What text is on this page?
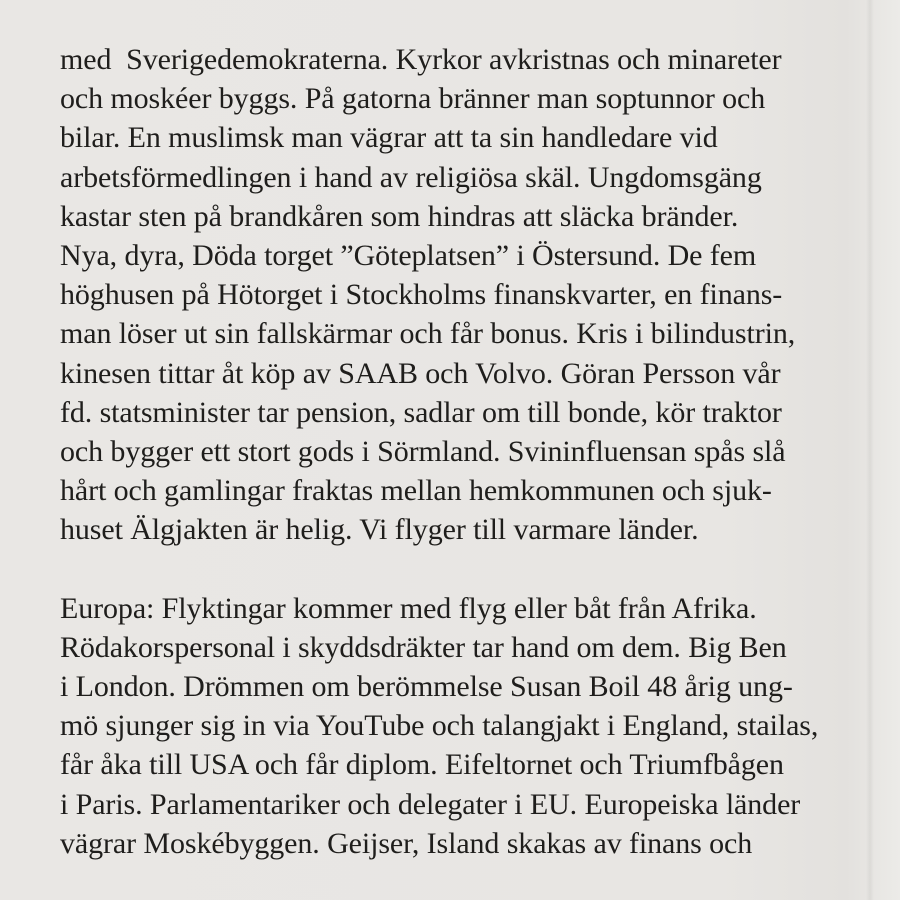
med  Sverigedemokraterna. Kyrkor avkristnas och minareter
och moskéer byggs. På gatorna bränner man soptunnor och
bilar. En muslimsk man vägrar att ta sin handledare vid
arbetsförmedlingen i hand av religiösa skäl. Ungdomsgäng
kastar sten på brandkåren som hindras att släcka bränder.
Nya, dyra, Döda torget ”Göteplatsen” i Östersund. De fem
höghusen på Hötorget i Stockholms finanskvarter, en finans-
man löser ut sin fallskärmar och får bonus. Kris i bilindustrin,
kinesen tittar åt köp av SAAB och Volvo. Göran Persson vår
fd. statsminister tar pension, sadlar om till bonde, kör traktor
och bygger ett stort gods i Sörmland. Svininfluensan spås slå
hårt och gamlingar fraktas mellan hemkommunen och sjuk-
huset Älgjakten är helig. Vi flyger till varmare länder.
Europa: Flyktingar kommer med flyg eller båt från Afrika.
Rödakorspersonal i skyddsdräkter tar hand om dem. Big Ben
i London. Drömmen om berömmelse Susan Boil 48 årig ung-
mö sjunger sig in via YouTube och talangjakt i England, stailas,
får åka till USA och får diplom. Eifeltornet och Triumfbågen
i Paris. Parlamentariker och delegater i EU. Europeiska länder
vägrar Moskébyggen. Geijser, Island skakas av finans och
